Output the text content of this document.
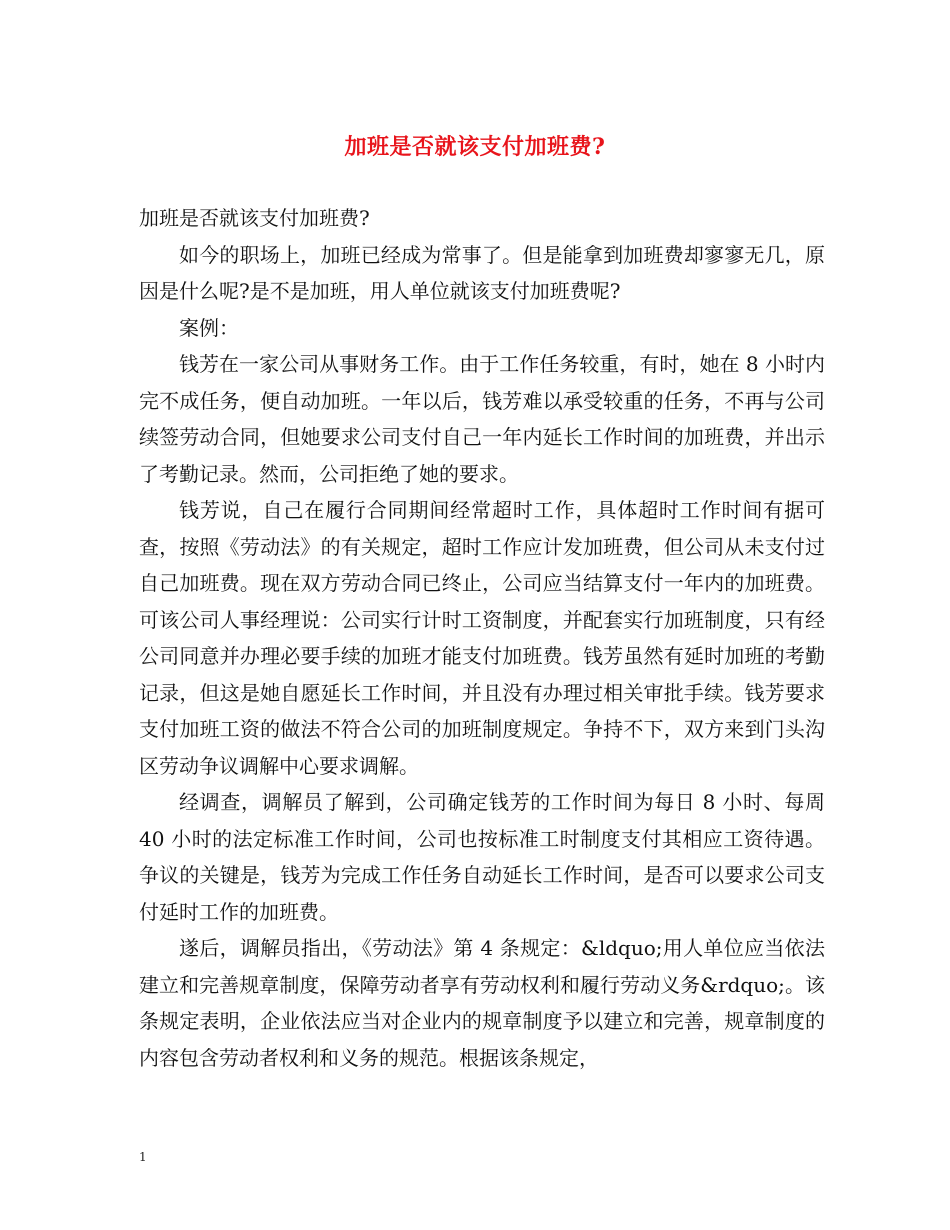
加班是否就该支付加班费?

加班是否就该支付加班费?

如今的职场上，加班已经成为常事了。但是能拿到加班费却寥寥无几，原因是什么呢?是不是加班，用人单位就该支付加班费呢?

案例：

钱芳在一家公司从事财务工作。由于工作任务较重，有时，她在 8 小时内完不成任务，便自动加班。一年以后，钱芳难以承受较重的任务，不再与公司续签劳动合同，但她要求公司支付自己一年内延长工作时间的加班费，并出示了考勤记录。然而，公司拒绝了她的要求。

钱芳说，自己在履行合同期间经常超时工作，具体超时工作时间有据可查，按照《劳动法》的有关规定，超时工作应计发加班费，但公司从未支付过自己加班费。现在双方劳动合同已终止，公司应当结算支付一年内的加班费。可该公司人事经理说：公司实行计时工资制度，并配套实行加班制度，只有经公司同意并办理必要手续的加班才能支付加班费。钱芳虽然有延时加班的考勤记录，但这是她自愿延长工作时间，并且没有办理过相关审批手续。钱芳要求支付加班工资的做法不符合公司的加班制度规定。争持不下，双方来到门头沟区劳动争议调解中心要求调解。

经调查，调解员了解到，公司确定钱芳的工作时间为每日 8 小时、每周 40 小时的法定标准工作时间，公司也按标准工时制度支付其相应工资待遇。争议的关键是，钱芳为完成工作任务自动延长工作时间，是否可以要求公司支付延时工作的加班费。

遂后，调解员指出，《劳动法》第 4 条规定：&ldquo;用人单位应当依法建立和完善规章制度，保障劳动者享有劳动权利和履行劳动义务&rdquo;。该条规定表明，企业依法应当对企业内的规章制度予以建立和完善，规章制度的内容包含劳动者权利和义务的规范。根据该条规定，

1
